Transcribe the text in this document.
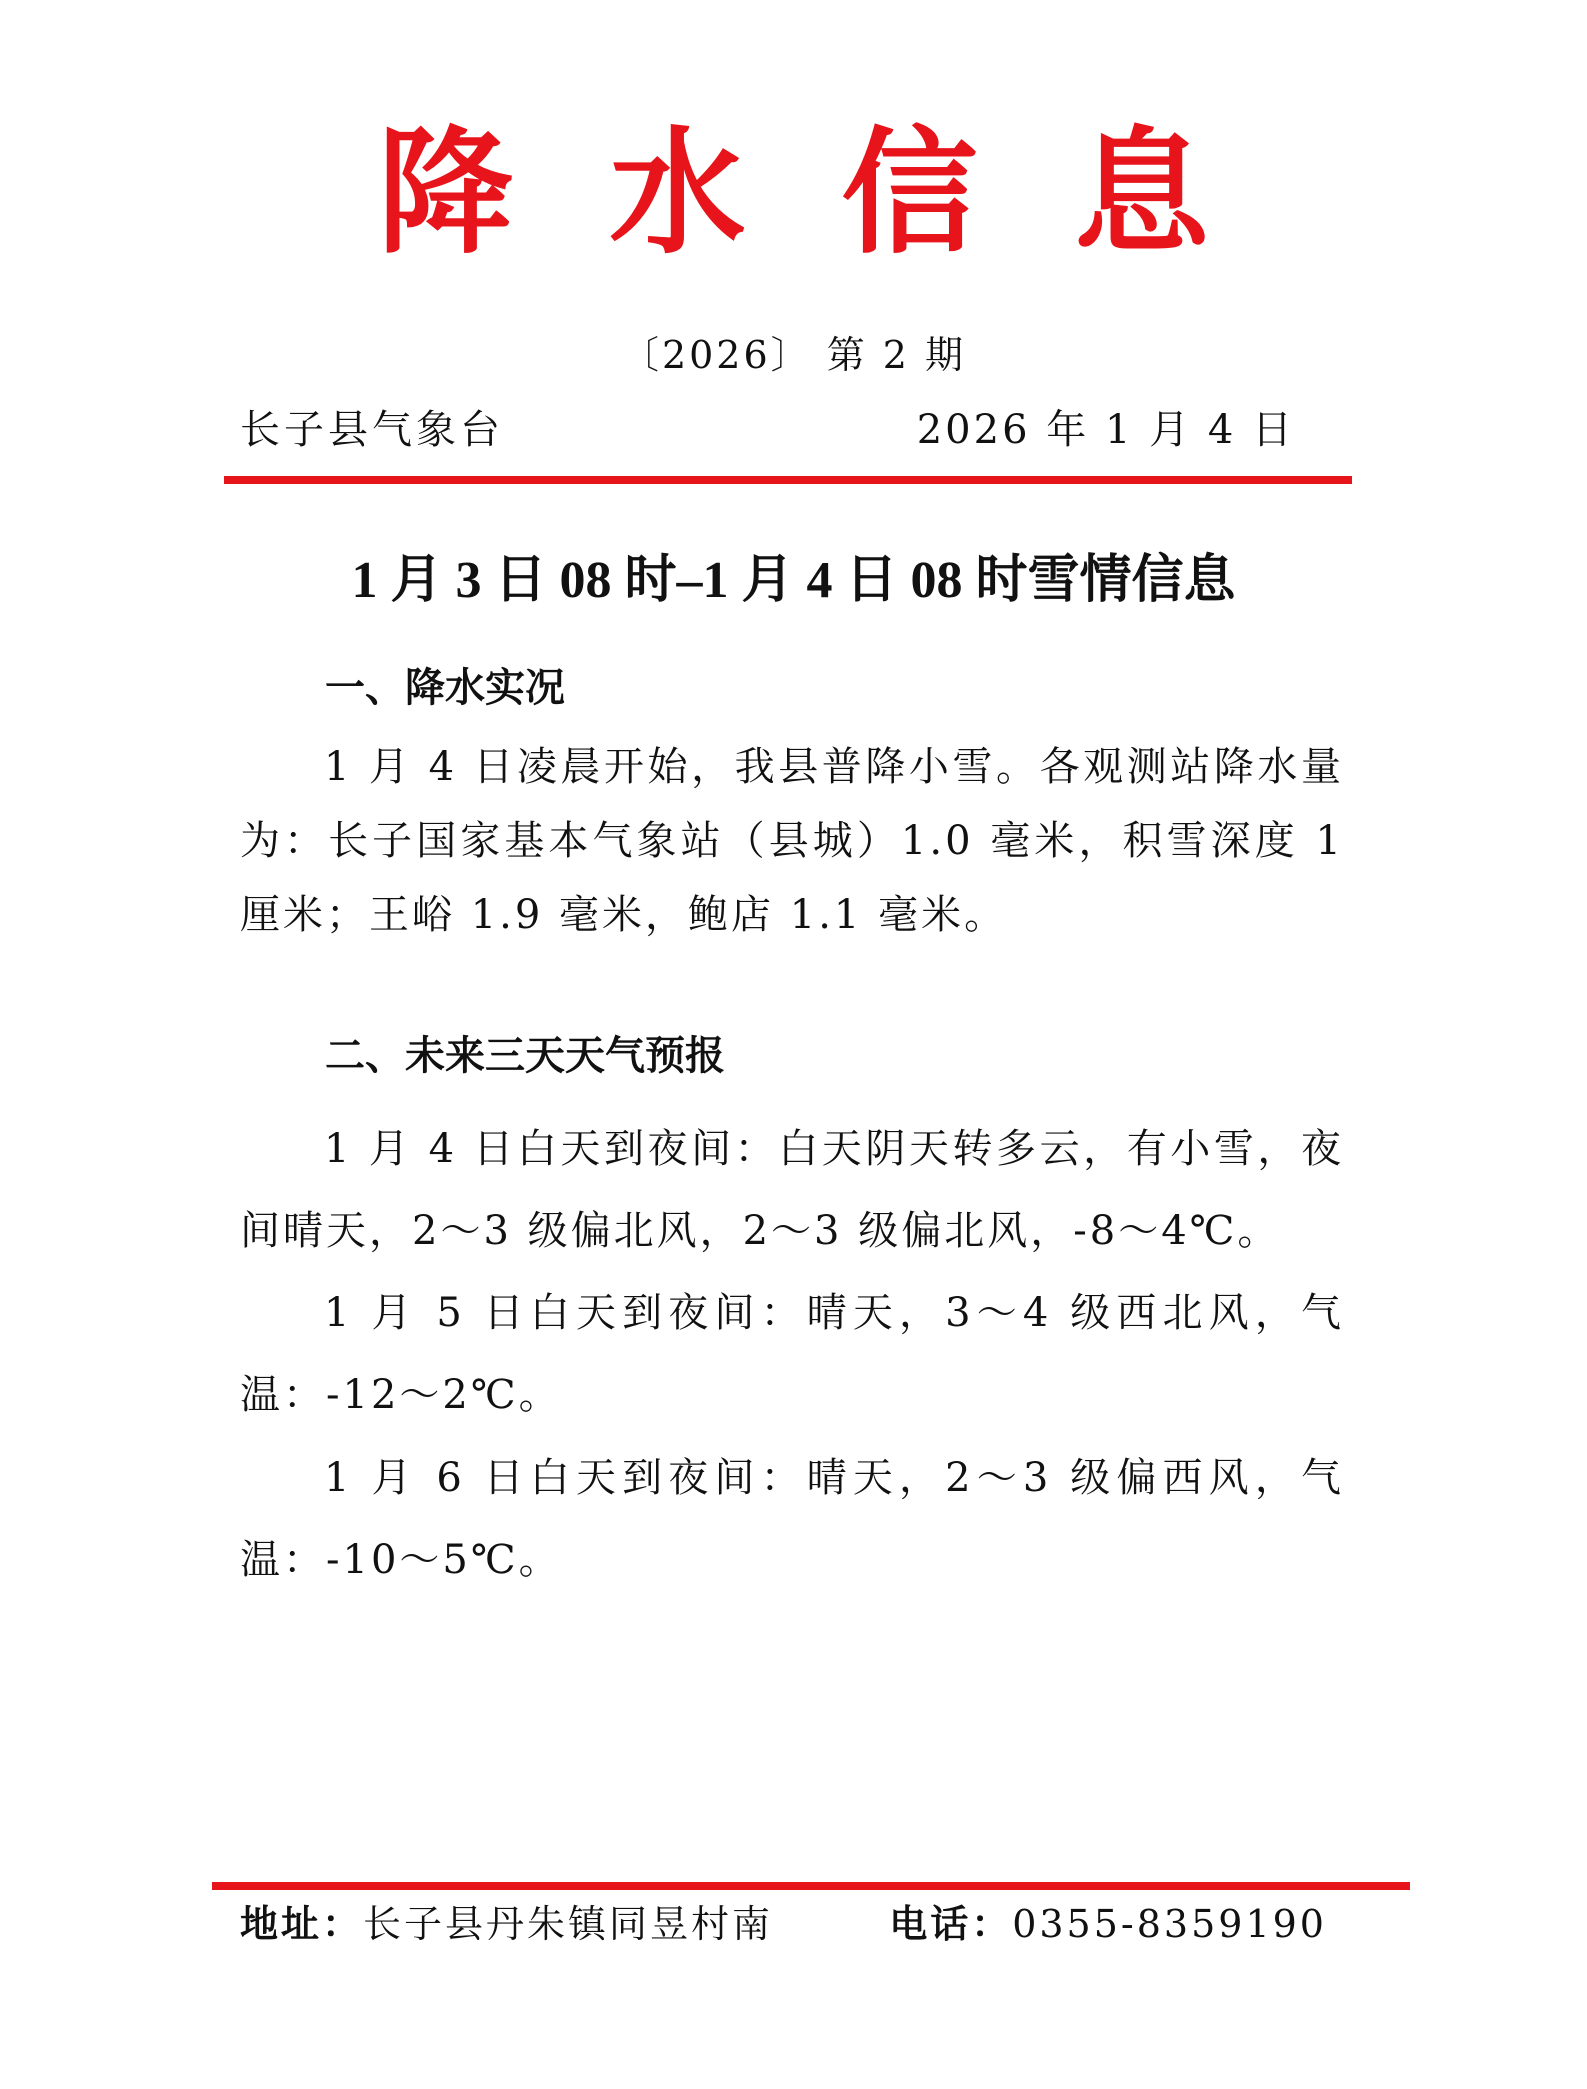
降水信息
〔2026〕 第 2 期
长子县气象台	2026 年 1 月 4 日
1 月 3 日 08 时–1 月 4 日 08 时雪情信息
一、降水实况
1 月 4 日凌晨开始，我县普降小雪。各观测站降水量为：长子国家基本气象站（县城）1.0 毫米，积雪深度 1 厘米；王峪 1.9 毫米，鲍店 1.1 毫米。
二、未来三天天气预报
1 月 4 日白天到夜间：白天阴天转多云，有小雪，夜间晴天，2～3 级偏北风，2～3 级偏北风，-8～4℃。
1 月 5 日白天到夜间：晴天，3～4 级西北风，气温：-12～2℃。
1 月 6 日白天到夜间：晴天，2～3 级偏西风，气温：-10～5℃。
地址：长子县丹朱镇同昱村南	电话：0355-8359190
